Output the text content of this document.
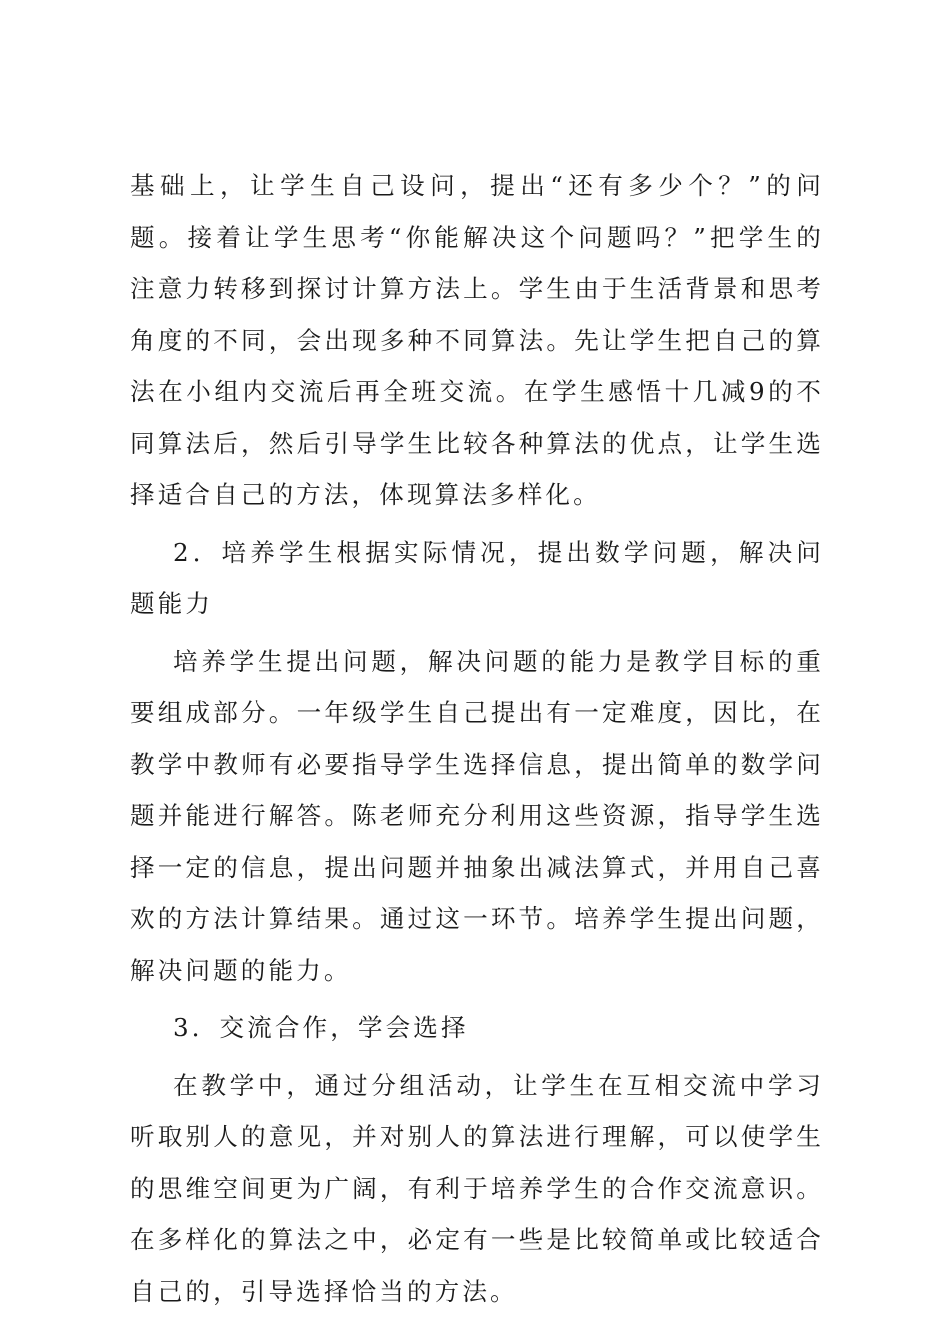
基础上，让学生自己设问，提出“还有多少个？”的问题。接着让学生思考“你能解决这个问题吗？”把学生的注意力转移到探讨计算方法上。学生由于生活背景和思考角度的不同，会出现多种不同算法。先让学生把自己的算法在小组内交流后再全班交流。在学生感悟十几减9的不同算法后，然后引导学生比较各种算法的优点，让学生选择适合自己的方法，体现算法多样化。

2．培养学生根据实际情况，提出数学问题，解决问题能力

培养学生提出问题，解决问题的能力是教学目标的重要组成部分。一年级学生自己提出有一定难度，因比，在教学中教师有必要指导学生选择信息，提出简单的数学问题并能进行解答。陈老师充分利用这些资源，指导学生选择一定的信息，提出问题并抽象出减法算式，并用自己喜欢的方法计算结果。通过这一环节。培养学生提出问题，解决问题的能力。

3．交流合作，学会选择

在教学中，通过分组活动，让学生在互相交流中学习听取别人的意见，并对别人的算法进行理解，可以使学生的思维空间更为广阔，有利于培养学生的合作交流意识。在多样化的算法之中，必定有一些是比较简单或比较适合自己的，引导选择恰当的方法。
